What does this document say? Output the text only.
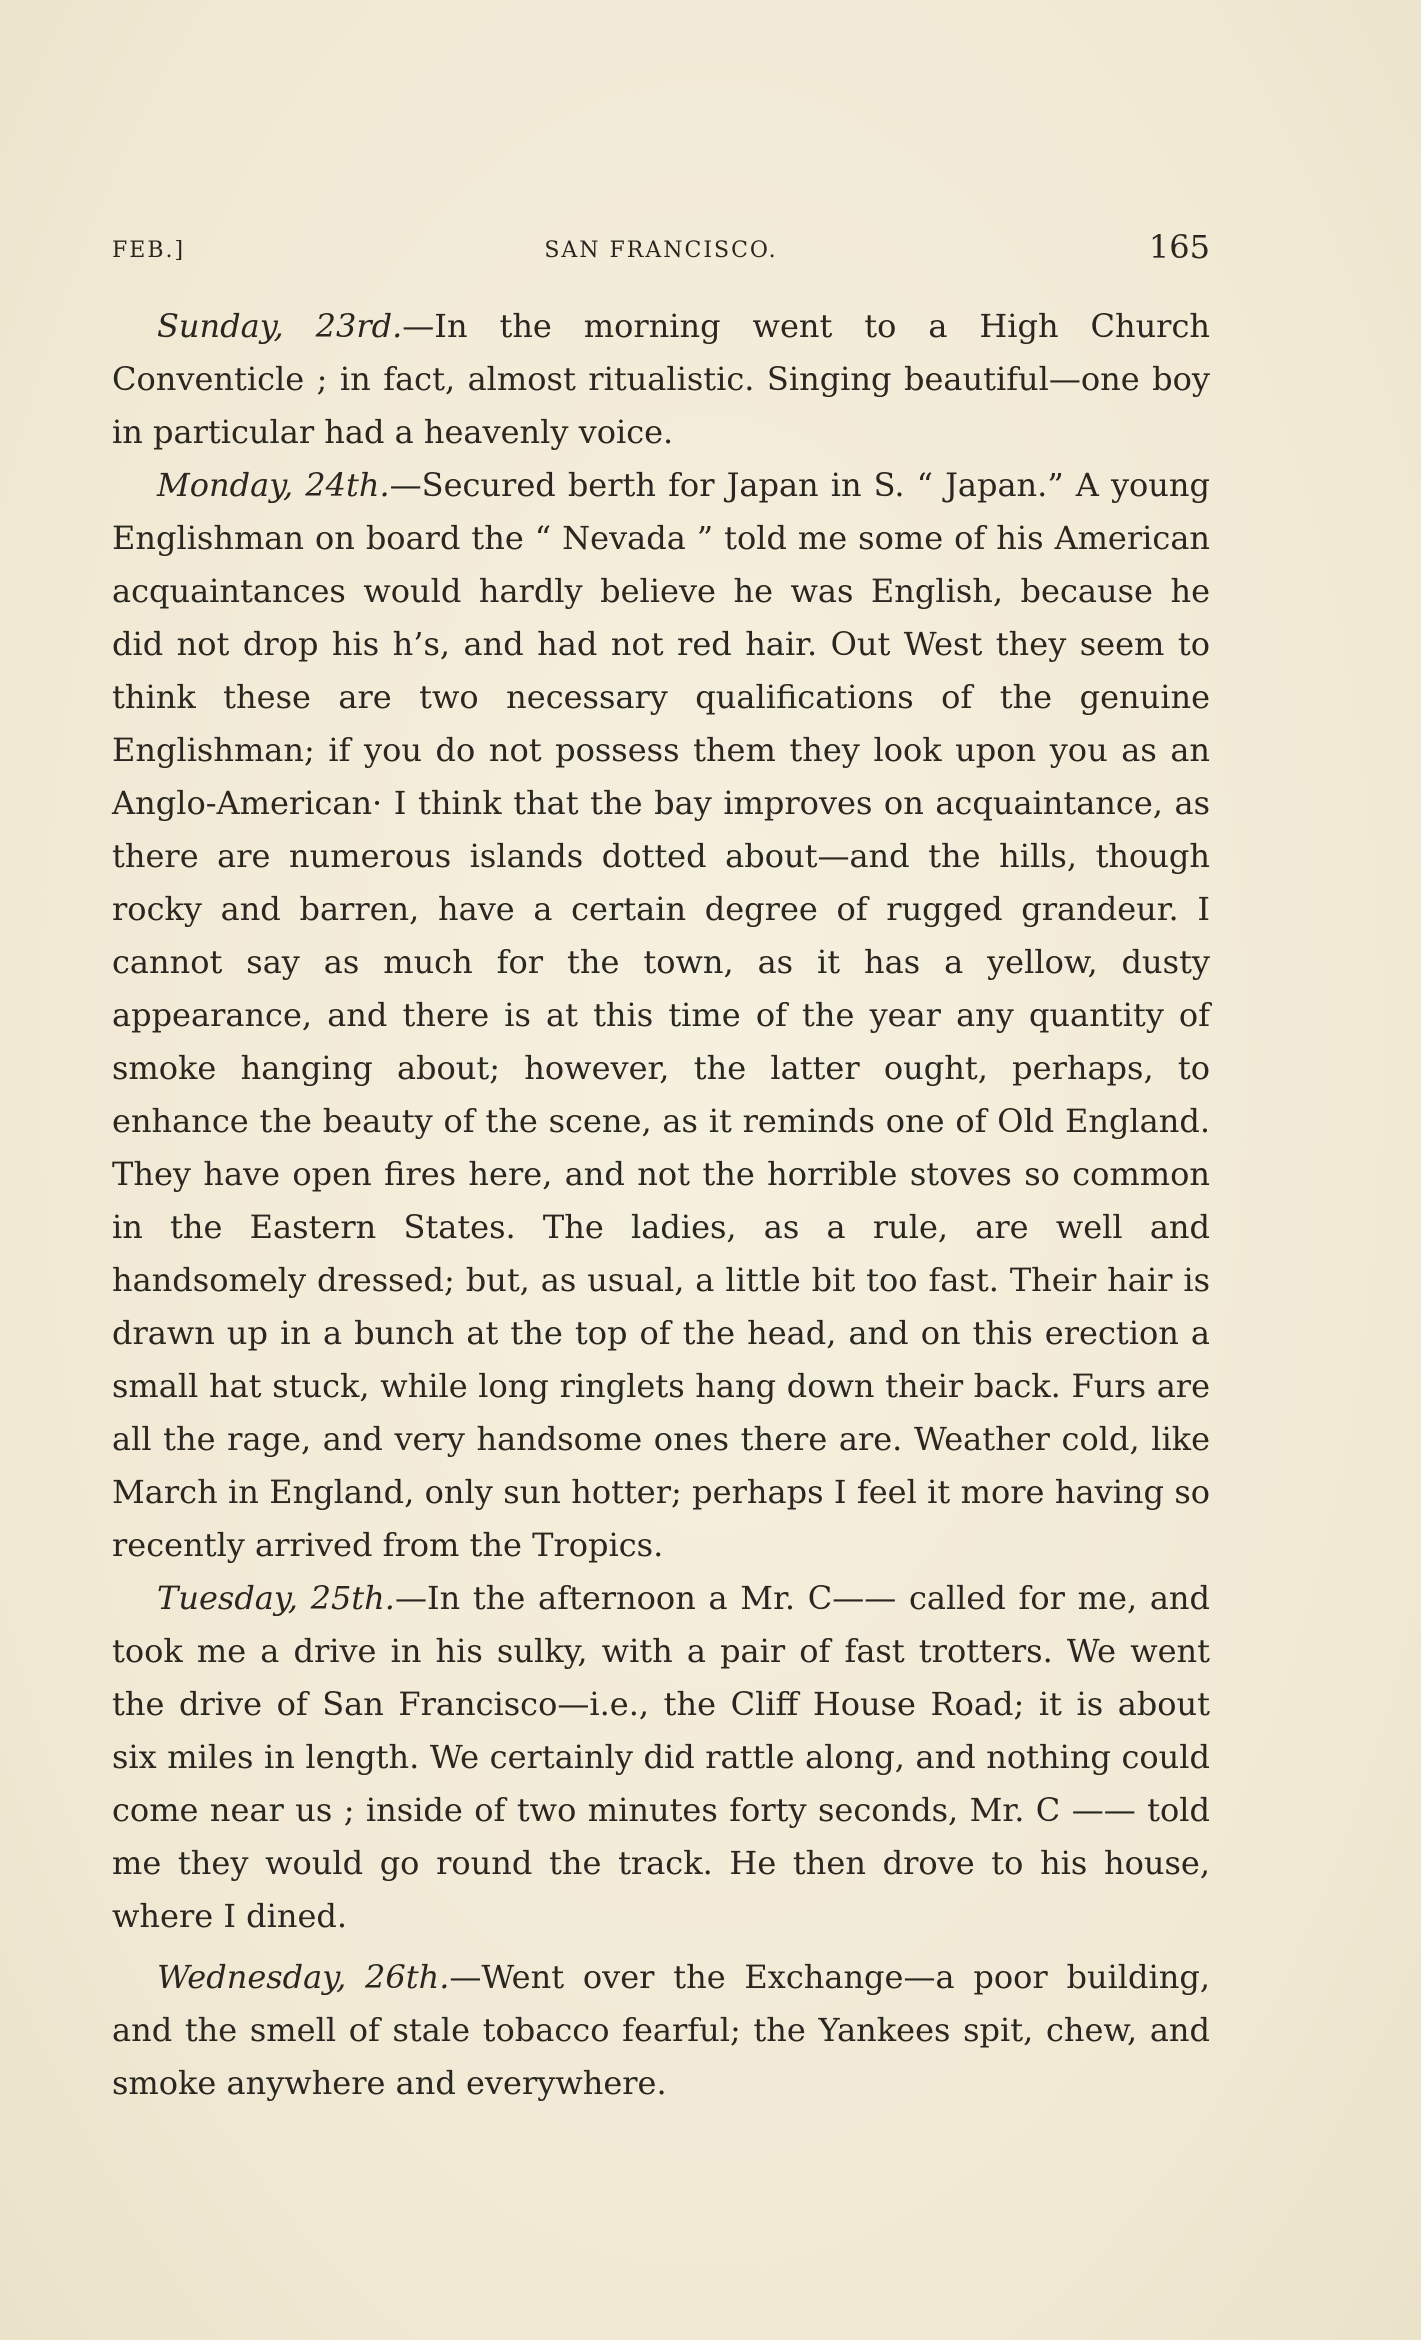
FEB.]	SAN FRANCISCO.	165

Sunday, 23rd.—In the morning went to a High Church Conventicle ; in fact, almost ritualistic. Singing beautiful—one boy in particular had a heavenly voice.

Monday, 24th.—Secured berth for Japan in S. “ Japan.” A young Englishman on board the “ Nevada ” told me some of his American acquaintances would hardly believe he was English, because he did not drop his h’s, and had not red hair. Out West they seem to think these are two necessary qualifications of the genuine Englishman; if you do not possess them they look upon you as an Anglo-American· I think that the bay improves on acquaintance, as there are numerous islands dotted about—and the hills, though rocky and barren, have a certain degree of rugged grandeur. I cannot say as much for the town, as it has a yellow, dusty appearance, and there is at this time of the year any quantity of smoke hanging about; however, the latter ought, perhaps, to enhance the beauty of the scene, as it reminds one of Old England. They have open fires here, and not the horrible stoves so common in the Eastern States. The ladies, as a rule, are well and handsomely dressed; but, as usual, a little bit too fast. Their hair is drawn up in a bunch at the top of the head, and on this erection a small hat stuck, while long ringlets hang down their back. Furs are all the rage, and very handsome ones there are. Weather cold, like March in England, only sun hotter; perhaps I feel it more having so recently arrived from the Tropics.

Tuesday, 25th.—In the afternoon a Mr. C—— called for me, and took me a drive in his sulky, with a pair of fast trotters. We went the drive of San Francisco—i.e., the Cliff House Road; it is about six miles in length. We certainly did rattle along, and nothing could come near us ; inside of two minutes forty seconds, Mr. C —— told me they would go round the track. He then drove to his house, where I dined.

Wednesday, 26th.—Went over the Exchange—a poor building, and the smell of stale tobacco fearful; the Yankees spit, chew, and smoke anywhere and everywhere.
